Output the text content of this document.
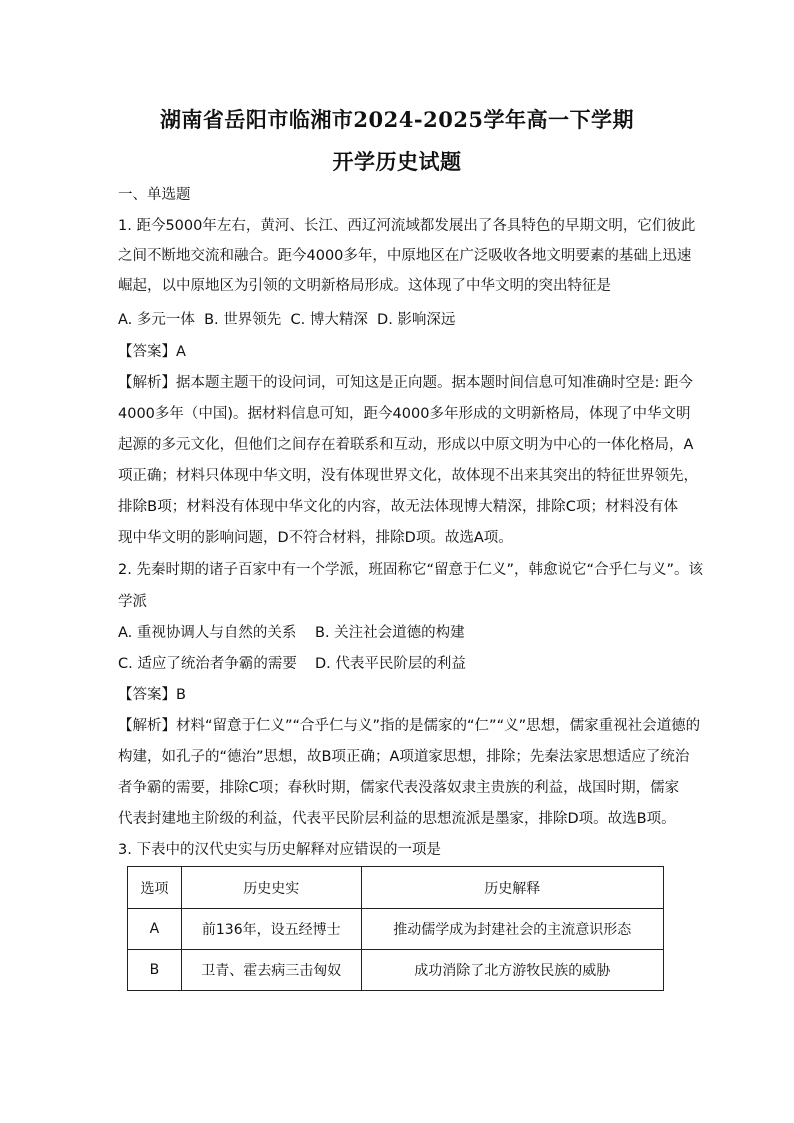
湖南省岳阳市临湘市2024-2025学年高一下学期
开学历史试题
一、单选题
1. 距今5000年左右，黄河、长江、西辽河流域都发展出了各具特色的早期文明，它们彼此
之间不断地交流和融合。距今4000多年，中原地区在广泛吸收各地文明要素的基础上迅速
崛起，以中原地区为引领的文明新格局形成。这体现了中华文明的突出特征是
A. 多元一体  B. 世界领先  C. 博大精深  D. 影响深远
【答案】A
【解析】据本题主题干的设问词，可知这是正向题。据本题时间信息可知准确时空是: 距今
4000多年（中国)。据材料信息可知，距今4000多年形成的文明新格局，体现了中华文明
起源的多元文化，但他们之间存在着联系和互动，形成以中原文明为中心的一体化格局，A
项正确；材料只体现中华文明，没有体现世界文化，故体现不出来其突出的特征世界领先，
排除B项；材料没有体现中华文化的内容，故无法体现博大精深，排除C项；材料没有体
现中华文明的影响问题，D不符合材料，排除D项。故选A项。
2. 先秦时期的诸子百家中有一个学派，班固称它“留意于仁义”，韩愈说它“合乎仁与义”。该
学派
A. 重视协调人与自然的关系 B. 关注社会道德的构建
C. 适应了统治者争霸的需要 D. 代表平民阶层的利益
【答案】B
【解析】材料“留意于仁义”“合乎仁与义”指的是儒家的“仁”“义”思想，儒家重视社会道德的
构建，如孔子的“德治”思想，故B项正确；A项道家思想，排除；先秦法家思想适应了统治
者争霸的需要，排除C项；春秋时期，儒家代表没落奴隶主贵族的利益，战国时期，儒家
代表封建地主阶级的利益，代表平民阶层利益的思想流派是墨家，排除D项。故选B项。
3. 下表中的汉代史实与历史解释对应错误的一项是
选项	历史史实	历史解释
A	前136年，设五经博士	推动儒学成为封建社会的主流意识形态
B	卫青、霍去病三击匈奴	成功消除了北方游牧民族的威胁
